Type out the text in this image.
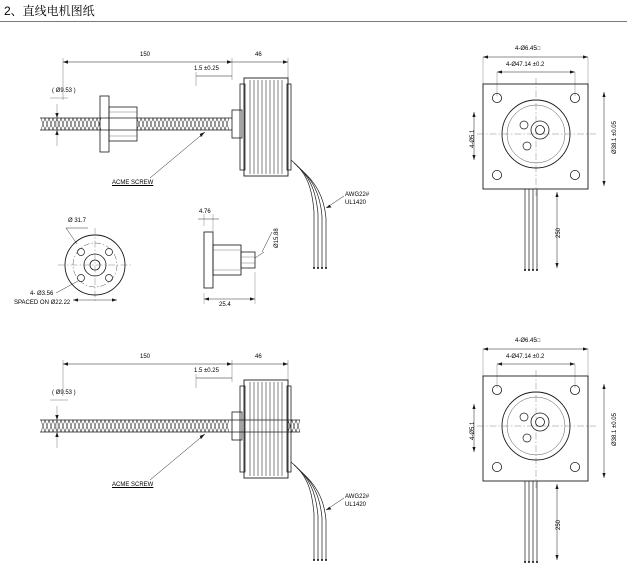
2、直线电机图纸
150	46
1.5 ±0.25
( Ø9.53 )
ACME SCREW
AWG22#
UL1420
4-Ø6.45□
4-Ø47.14 ±0.2
Ø38.1 ±0.05
4-Ø5.1
250
Ø 31.7
4- Ø3.56
SPACED ON Ø22.22
4.76
Ø15.88
25.4
150	46
1.5 ±0.25
( Ø9.53 )
ACME SCREW
AWG22#
UL1420
4-Ø6.45□
4-Ø47.14 ±0.2
Ø38.1 ±0.05
4-Ø5.1
250
